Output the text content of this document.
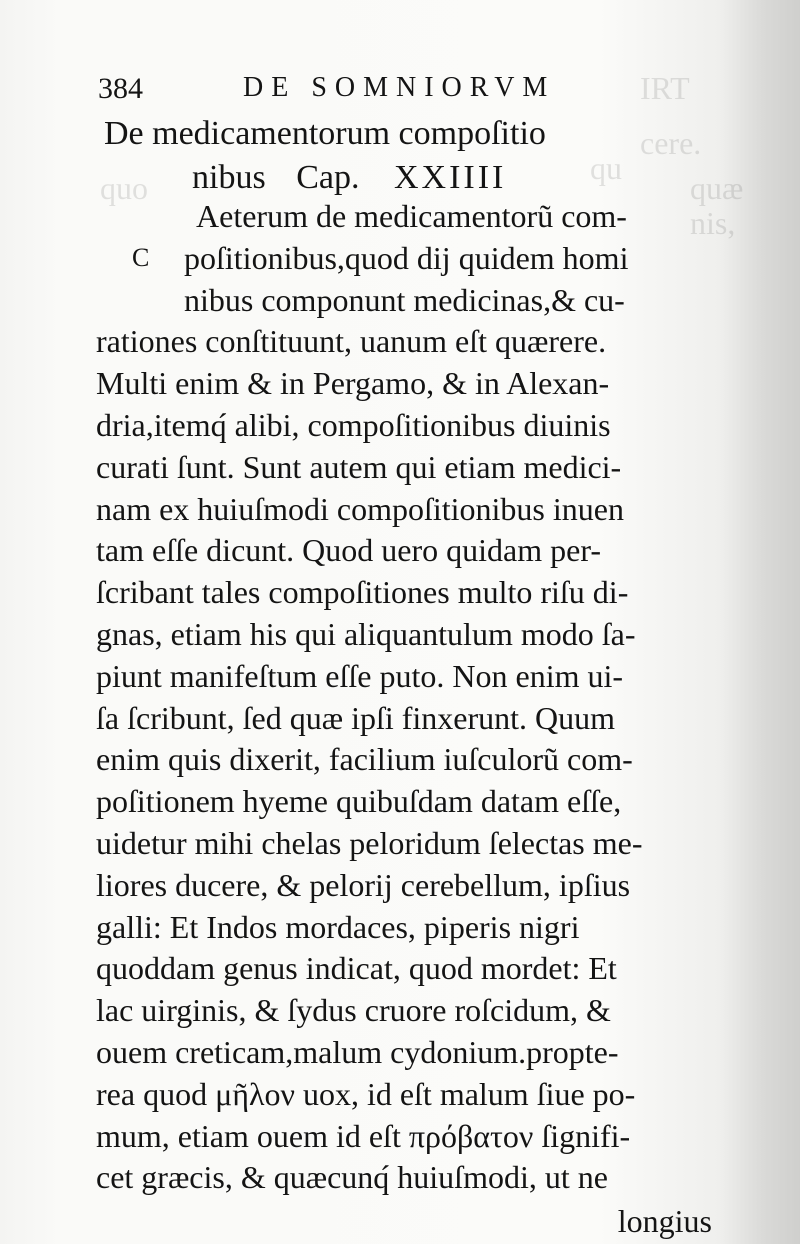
IRT
quæ
nis,
cere.
quo
qu
384	DE SOMNIORVM
De medicamentorum compoſitio
nibus Cap. XXIIII
C
Aeterum de medicamentorũ com-
poſitionibus,quod dij quidem homi
nibus componunt medicinas,& cu-
rationes conſtituunt, uanum eſt quærere.
Multi enim & in Pergamo, & in Alexan-
dria,itemq́ alibi, compoſitionibus diuinis
curati ſunt. Sunt autem qui etiam medici-
nam ex huiuſmodi compoſitionibus inuen
tam eſſe dicunt. Quod uero quidam per-
ſcribant tales compoſitiones multo riſu di-
gnas, etiam his qui aliquantulum modo ſa-
piunt manifeſtum eſſe puto. Non enim ui-
ſa ſcribunt, ſed quæ ipſi finxerunt. Quum
enim quis dixerit, facilium iuſculorũ com-
poſitionem hyeme quibuſdam datam eſſe,
uidetur mihi chelas peloridum ſelectas me-
liores ducere, & pelorij cerebellum, ipſius
galli: Et Indos mordaces, piperis nigri
quoddam genus indicat, quod mordet: Et
lac uirginis, & ſydus cruore roſcidum, &
ouem creticam,malum cydonium.propte-
rea quod μῆλον uox, id eſt malum ſiue po-
mum, etiam ouem id eſt πρόβατον ſignifi-
cet græcis, & quæcunq́ huiuſmodi, ut ne
longius
